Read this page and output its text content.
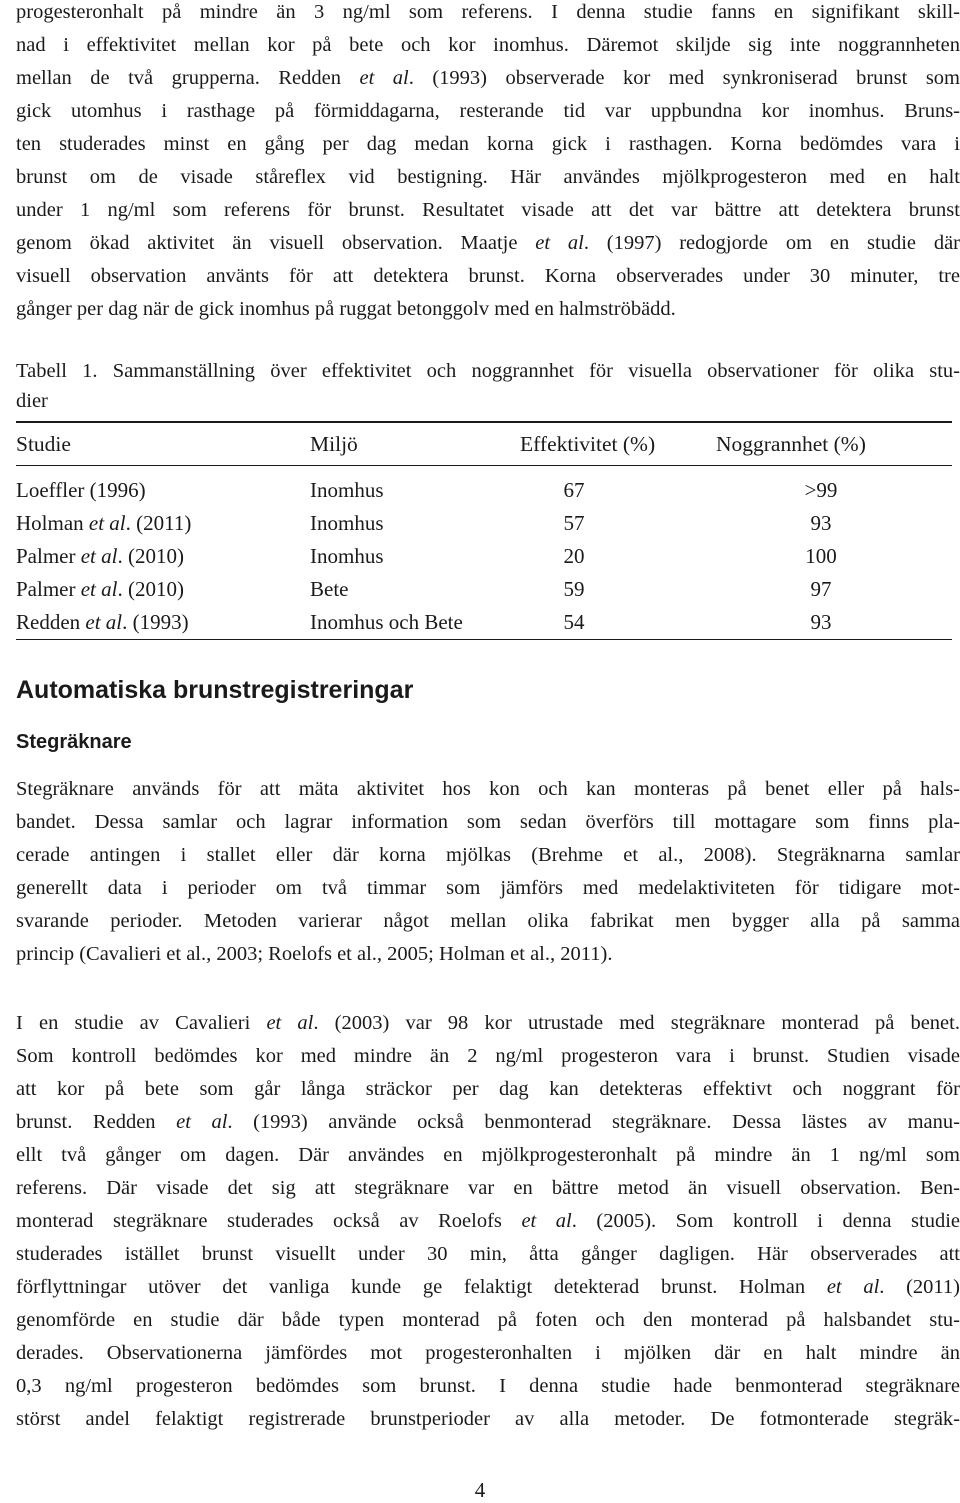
progesteronhalt på mindre än 3 ng/ml som referens. I denna studie fanns en signifikant skill-
nad i effektivitet mellan kor på bete och kor inomhus. Däremot skiljde sig inte noggrannheten
mellan de två grupperna. Redden et al. (1993) observerade kor med synkroniserad brunst som
gick utomhus i rasthage på förmiddagarna, resterande tid var uppbundna kor inomhus. Bruns-
ten studerades minst en gång per dag medan korna gick i rasthagen. Korna bedömdes vara i
brunst om de visade ståreflex vid bestigning. Här användes mjölkprogesteron med en halt
under 1 ng/ml som referens för brunst. Resultatet visade att det var bättre att detektera brunst
genom ökad aktivitet än visuell observation. Maatje et al. (1997) redogjorde om en studie där
visuell observation använts för att detektera brunst. Korna observerades under 30 minuter, tre
gånger per dag när de gick inomhus på ruggat betonggolv med en halmströbädd.
Tabell 1. Sammanställning över effektivitet och noggrannhet för visuella observationer för olika stu-
dier
Studie	Miljö	Effektivitet (%)	Noggrannhet (%)
Loeffler (1996)	Inomhus	67	>99
Holman et al. (2011)	Inomhus	57	93
Palmer et al. (2010)	Inomhus	20	100
Palmer et al. (2010)	Bete	59	97
Redden et al. (1993)	Inomhus och Bete	54	93
Automatiska brunstregistreringar
Stegräknare
Stegräknare används för att mäta aktivitet hos kon och kan monteras på benet eller på hals-
bandet. Dessa samlar och lagrar information som sedan överförs till mottagare som finns pla-
cerade antingen i stallet eller där korna mjölkas (Brehme et al., 2008). Stegräknarna samlar
generellt data i perioder om två timmar som jämförs med medelaktiviteten för tidigare mot-
svarande perioder. Metoden varierar något mellan olika fabrikat men bygger alla på samma
princip (Cavalieri et al., 2003; Roelofs et al., 2005; Holman et al., 2011).
I en studie av Cavalieri et al. (2003) var 98 kor utrustade med stegräknare monterad på benet.
Som kontroll bedömdes kor med mindre än 2 ng/ml progesteron vara i brunst. Studien visade
att kor på bete som går långa sträckor per dag kan detekteras effektivt och noggrant för
brunst. Redden et al. (1993) använde också benmonterad stegräknare. Dessa lästes av manu-
ellt två gånger om dagen. Där användes en mjölkprogesteronhalt på mindre än 1 ng/ml som
referens. Där visade det sig att stegräknare var en bättre metod än visuell observation. Ben-
monterad stegräknare studerades också av Roelofs et al. (2005). Som kontroll i denna studie
studerades istället brunst visuellt under 30 min, åtta gånger dagligen. Här observerades att
förflyttningar utöver det vanliga kunde ge felaktigt detekterad brunst. Holman et al. (2011)
genomförde en studie där både typen monterad på foten och den monterad på halsbandet stu-
derades. Observationerna jämfördes mot progesteronhalten i mjölken där en halt mindre än
0,3 ng/ml progesteron bedömdes som brunst. I denna studie hade benmonterad stegräknare
störst andel felaktigt registrerade brunstperioder av alla metoder. De fotmonterade stegräk-
4
